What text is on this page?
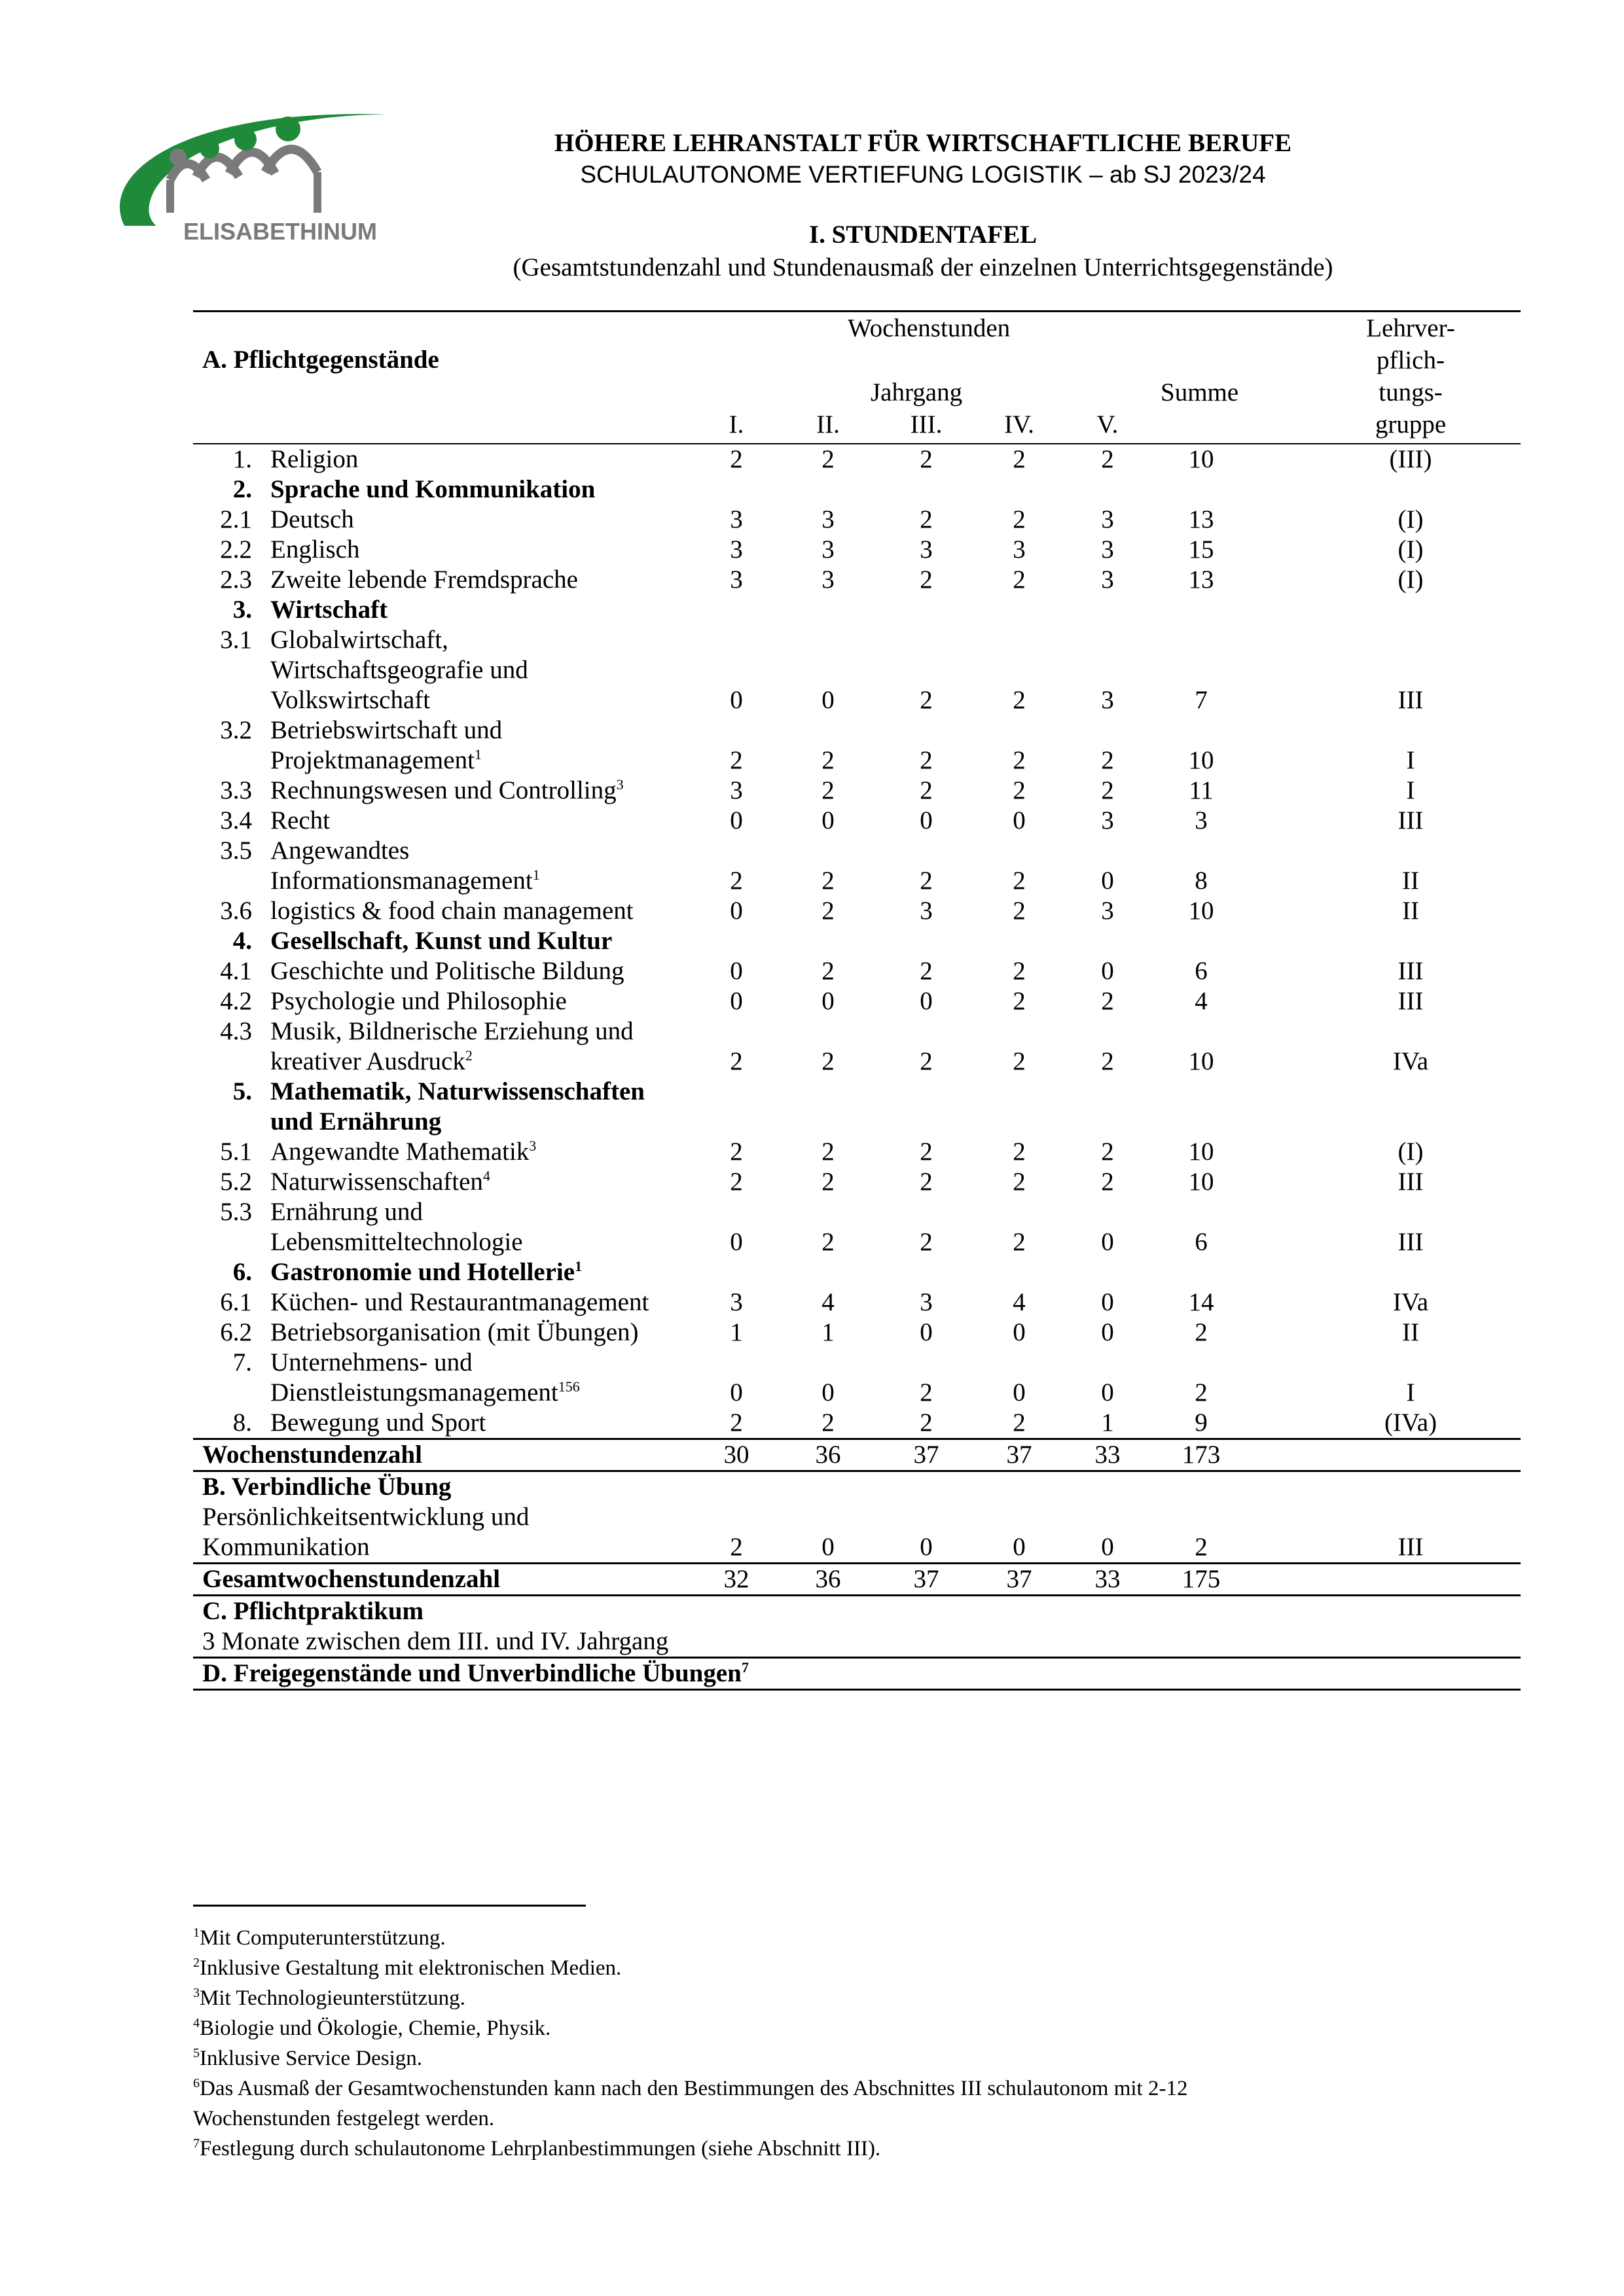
ELISABETHINUM
HÖHERE LEHRANSTALT FÜR WIRTSCHAFTLICHE BERUFE
SCHULAUTONOME VERTIEFUNG LOGISTIK – ab SJ 2023/24
I. STUNDENTAFEL
(Gesamtstundenzahl und Stundenausmaß der einzelnen Unterrichtsgegenstände)
A. Pflichtgegenstände
Wochenstunden
Jahrgang	Summe
Lehrver-
pflich-
tungs-
gruppe
I.	II.	III.	IV.	V.
1. Religion	2	2	2	2	2	10	(III)
2. Sprache und Kommunikation
2.1 Deutsch	3	3	2	2	3	13	(I)
2.2 Englisch	3	3	3	3	3	15	(I)
2.3 Zweite lebende Fremdsprache	3	3	2	2	3	13	(I)
3. Wirtschaft
3.1 Globalwirtschaft,
Wirtschaftsgeografie und
Volkswirtschaft	0	0	2	2	3	7	III
3.2 Betriebswirtschaft und
Projektmanagement$^1$	2	2	2	2	2	10	I
3.3 Rechnungswesen und Controlling$^3$	3	2	2	2	2	11	I
3.4 Recht	0	0	0	0	3	3	III
3.5 Angewandtes
Informationsmanagement$^1$	2	2	2	2	0	8	II
3.6 logistics & food chain management	0	2	3	2	3	10	II
4. Gesellschaft, Kunst und Kultur
4.1 Geschichte und Politische Bildung	0	2	2	2	0	6	III
4.2 Psychologie und Philosophie	0	0	0	2	2	4	III
4.3 Musik, Bildnerische Erziehung und
kreativer Ausdruck$^2$	2	2	2	2	2	10	IVa
5. Mathematik, Naturwissenschaften
und Ernährung
5.1 Angewandte Mathematik$^3$	2	2	2	2	2	10	(I)
5.2 Naturwissenschaften$^4$	2	2	2	2	2	10	III
5.3 Ernährung und
Lebensmitteltechnologie	0	2	2	2	0	6	III
6. Gastronomie und Hotellerie$^1$
6.1 Küchen- und Restaurantmanagement	3	4	3	4	0	14	IVa
6.2 Betriebsorganisation (mit Übungen)	1	1	0	0	0	2	II
7. Unternehmens- und
Dienstleistungsmanagement$^{156}$	0	0	2	0	0	2	I
8. Bewegung und Sport	2	2	2	2	1	9	(IVa)
Wochenstundenzahl	30	36	37	37	33	173
B. Verbindliche Übung
Persönlichkeitsentwicklung und
Kommunikation	2	0	0	0	0	2	III
Gesamtwochenstundenzahl	32	36	37	37	33	175
C. Pflichtpraktikum
3 Monate zwischen dem III. und IV. Jahrgang
D. Freigegenstände und Unverbindliche Übungen$^7$
$^1$Mit Computerunterstützung.
$^2$Inklusive Gestaltung mit elektronischen Medien.
$^3$Mit Technologieunterstützung.
$^4$Biologie und Ökologie, Chemie, Physik.
$^5$Inklusive Service Design.
$^6$Das Ausmaß der Gesamtwochenstunden kann nach den Bestimmungen des Abschnittes III schulautonom mit 2-12
Wochenstunden festgelegt werden.
$^7$Festlegung durch schulautonome Lehrplanbestimmungen (siehe Abschnitt III).
